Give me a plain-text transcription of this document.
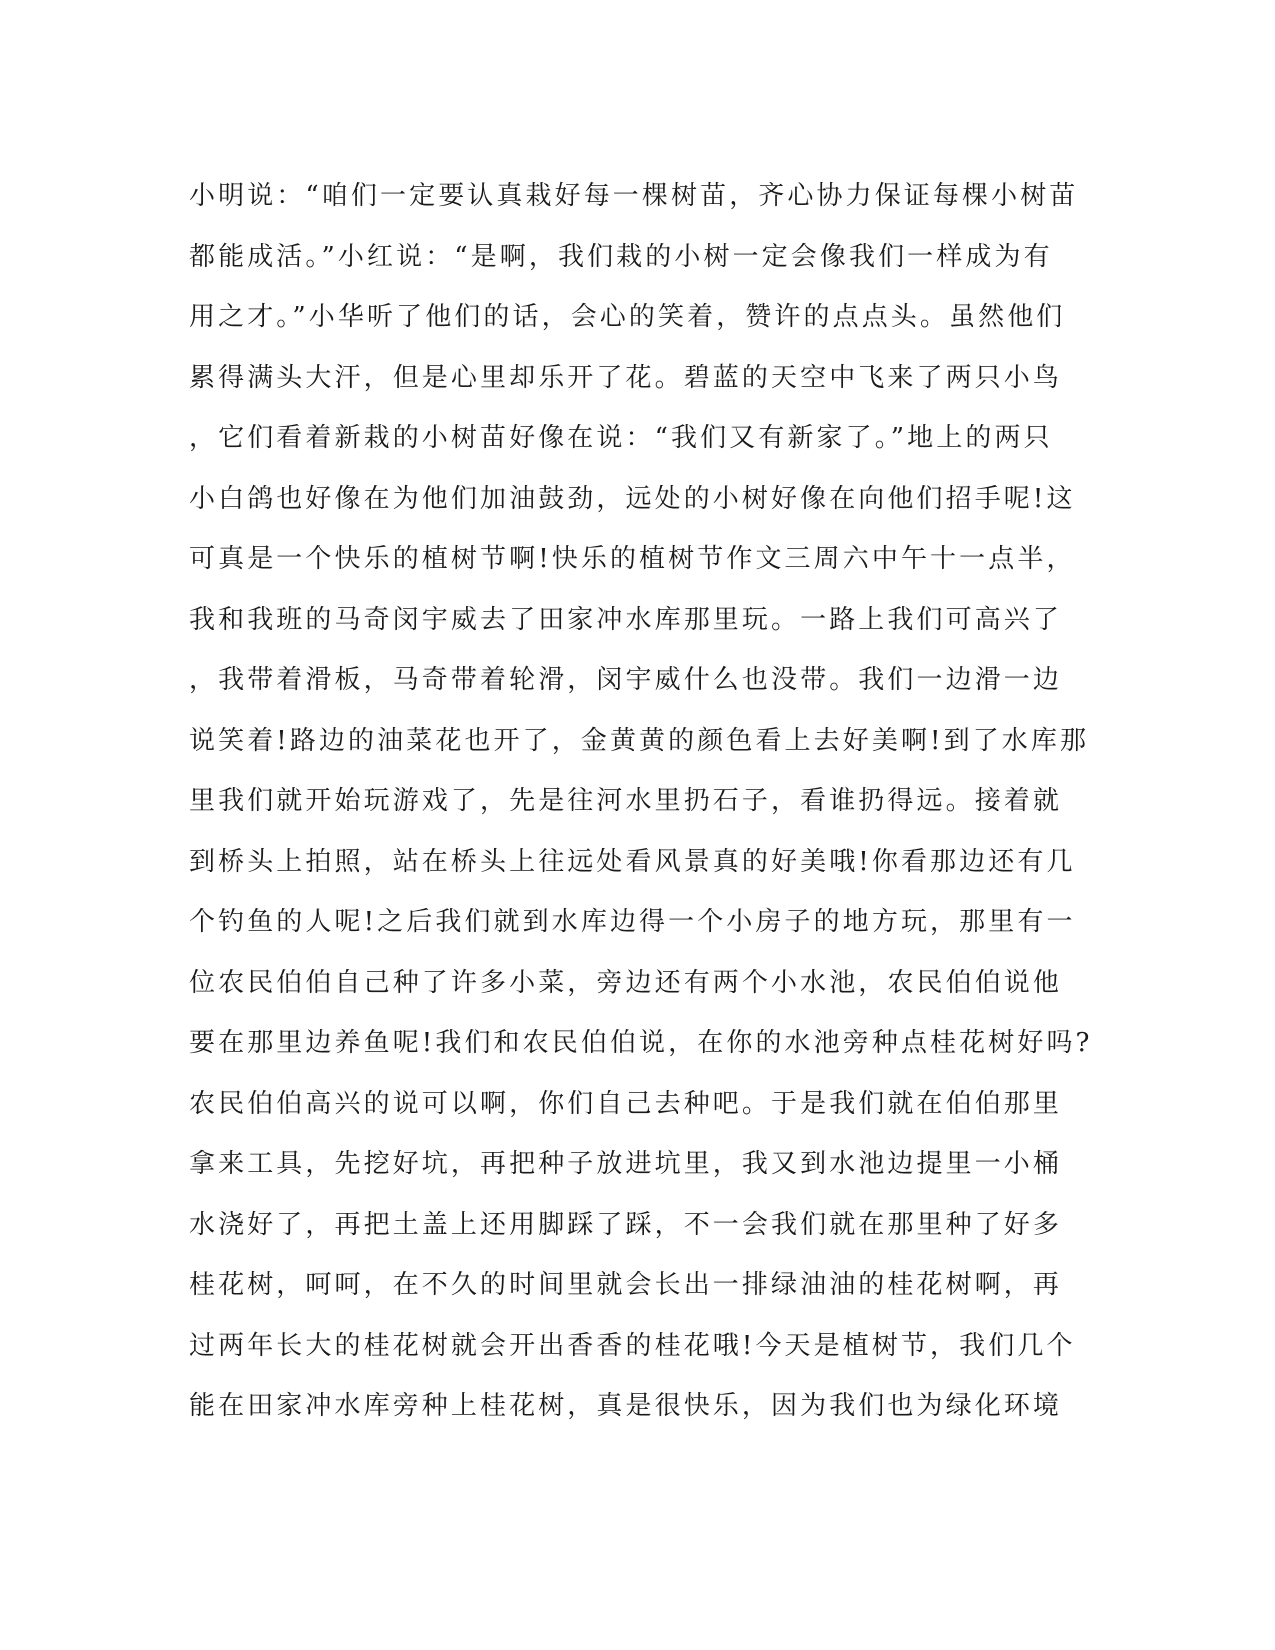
小明说：“咱们一定要认真栽好每一棵树苗，齐心协力保证每棵小树苗
都能成活。”小红说：“是啊，我们栽的小树一定会像我们一样成为有
用之才。”小华听了他们的话，会心的笑着，赞许的点点头。虽然他们
累得满头大汗，但是心里却乐开了花。碧蓝的天空中飞来了两只小鸟
，它们看着新栽的小树苗好像在说：“我们又有新家了。”地上的两只
小白鸽也好像在为他们加油鼓劲，远处的小树好像在向他们招手呢!这
可真是一个快乐的植树节啊!快乐的植树节作文三周六中午十一点半，
我和我班的马奇闵宇威去了田家冲水库那里玩。一路上我们可高兴了
，我带着滑板，马奇带着轮滑，闵宇威什么也没带。我们一边滑一边
说笑着!路边的油菜花也开了，金黄黄的颜色看上去好美啊!到了水库那
里我们就开始玩游戏了，先是往河水里扔石子，看谁扔得远。接着就
到桥头上拍照，站在桥头上往远处看风景真的好美哦!你看那边还有几
个钓鱼的人呢!之后我们就到水库边得一个小房子的地方玩，那里有一
位农民伯伯自己种了许多小菜，旁边还有两个小水池，农民伯伯说他
要在那里边养鱼呢!我们和农民伯伯说，在你的水池旁种点桂花树好吗?
农民伯伯高兴的说可以啊，你们自己去种吧。于是我们就在伯伯那里
拿来工具，先挖好坑，再把种子放进坑里，我又到水池边提里一小桶
水浇好了，再把土盖上还用脚踩了踩，不一会我们就在那里种了好多
桂花树，呵呵，在不久的时间里就会长出一排绿油油的桂花树啊，再
过两年长大的桂花树就会开出香香的桂花哦!今天是植树节，我们几个
能在田家冲水库旁种上桂花树，真是很快乐，因为我们也为绿化环境
